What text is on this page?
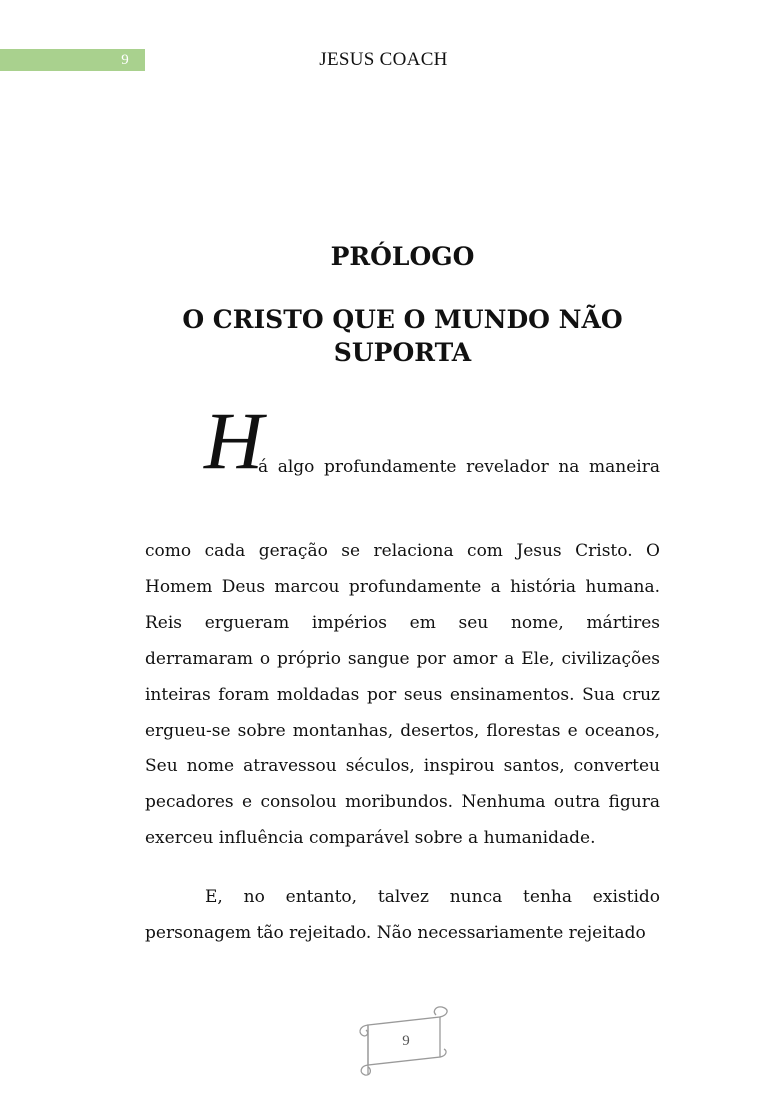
9	JESUS COACH
PRÓLOGO
O CRISTO QUE O MUNDO NÃO SUPORTA
H
á algo profundamente revelador na maneira
como cada geração se relaciona com Jesus Cristo. O Homem Deus marcou profundamente a história humana. Reis ergueram impérios em seu nome, mártires derramaram o próprio sangue por amor a Ele, civilizações inteiras foram moldadas por seus ensinamentos. Sua cruz ergueu-se sobre montanhas, desertos, florestas e oceanos, Seu nome atravessou séculos, inspirou santos, converteu pecadores e consolou moribundos. Nenhuma outra figura exerceu influência comparável sobre a humanidade.
E, no entanto, talvez nunca tenha existido personagem tão rejeitado. Não necessariamente rejeitado
9
